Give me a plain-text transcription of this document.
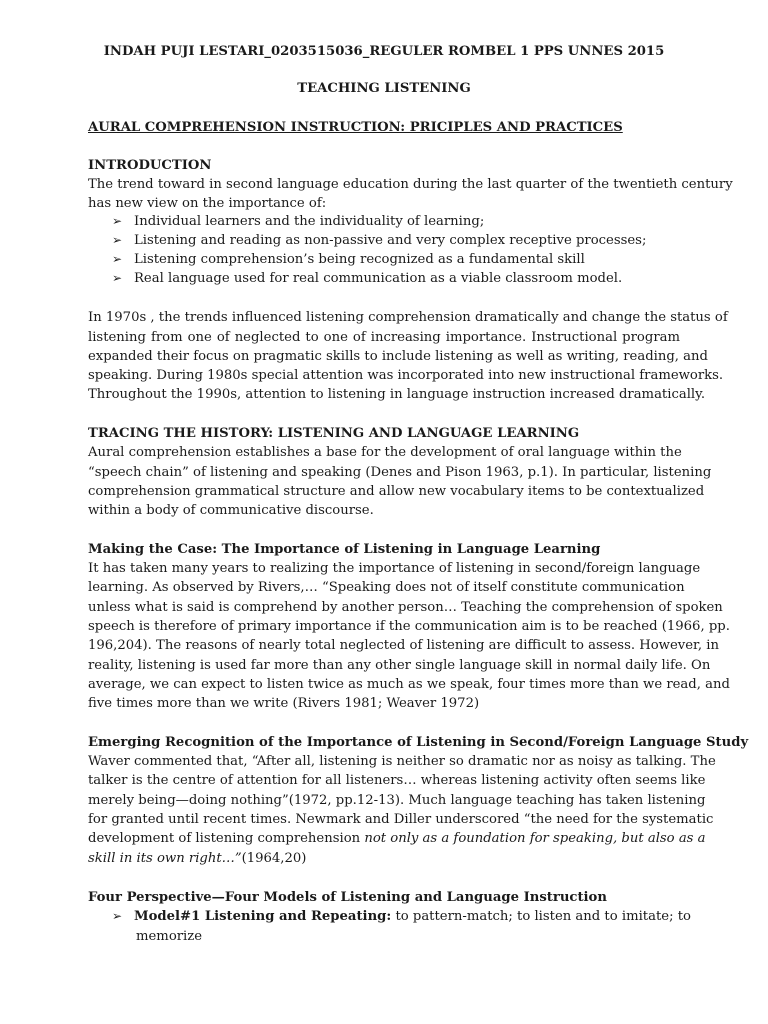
INDAH PUJI LESTARI_0203515036_REGULER ROMBEL 1 PPS UNNES 2015
TEACHING LISTENING
AURAL COMPREHENSION INSTRUCTION: PRICIPLES AND PRACTICES
INTRODUCTION
The trend toward in second language education during the last quarter of the twentieth century
has new view on the importance of:
➢ Individual learners and the individuality of learning;
➢ Listening and reading as non-passive and very complex receptive processes;
➢ Listening comprehension’s being recognized as a fundamental skill
➢ Real language used for real communication as a viable classroom model.
In 1970s , the trends influenced listening comprehension dramatically and change the status of
listening from one of neglected to one of increasing importance. Instructional program
expanded their focus on pragmatic skills to include listening as well as writing, reading, and
speaking. During 1980s special attention was incorporated into new instructional frameworks.
Throughout the 1990s, attention to listening in language instruction increased dramatically.
TRACING THE HISTORY: LISTENING AND LANGUAGE LEARNING
Aural comprehension establishes a base for the development of oral language within the
“speech chain” of listening and speaking (Denes and Pison 1963, p.1). In particular, listening
comprehension grammatical structure and allow new vocabulary items to be contextualized
within a body of communicative discourse.
Making the Case: The Importance of Listening in Language Learning
It has taken many years to realizing the importance of listening in second/foreign language
learning. As observed by Rivers,… “Speaking does not of itself constitute communication
unless what is said is comprehend by another person… Teaching the comprehension of spoken
speech is therefore of primary importance if the communication aim is to be reached (1966, pp.
196,204). The reasons of nearly total neglected of listening are difficult to assess. However, in
reality, listening is used far more than any other single language skill in normal daily life. On
average, we can expect to listen twice as much as we speak, four times more than we read, and
five times more than we write (Rivers 1981; Weaver 1972)
Emerging Recognition of the Importance of Listening in Second/Foreign Language Study
Waver commented that, “After all, listening is neither so dramatic nor as noisy as talking. The
talker is the centre of attention for all listeners… whereas listening activity often seems like
merely being—doing nothing”(1972, pp.12-13). Much language teaching has taken listening
for granted until recent times. Newmark and Diller underscored “the need for the systematic
development of listening comprehension not only as a foundation for speaking, but also as a
skill in its own right…”(1964,20)
Four Perspective—Four Models of Listening and Language Instruction
➢ Model#1 Listening and Repeating: to pattern-match; to listen and to imitate; to
memorize
